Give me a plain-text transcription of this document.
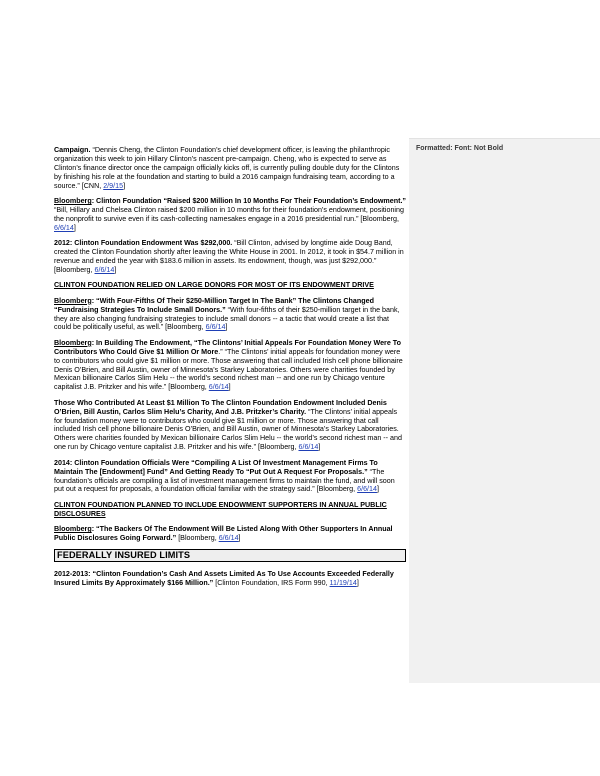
Formatted: Font: Not Bold

Campaign. “Dennis Cheng, the Clinton Foundation’s chief development officer, is leaving the philanthropic organization this week to join Hillary Clinton’s nascent pre-campaign. Cheng, who is expected to serve as Clinton’s finance director once the campaign officially kicks off, is currently pulling double duty for the Clintons by finishing his role at the foundation and starting to build a 2016 campaign fundraising team, according to a source.” [CNN, 2/9/15]

Bloomberg: Clinton Foundation “Raised $200 Million In 10 Months For Their Foundation’s Endowment.” “Bill, Hillary and Chelsea Clinton raised $200 million in 10 months for their foundation’s endowment, positioning the nonprofit to survive even if its cash-collecting namesakes engage in a 2016 presidential run.” [Bloomberg, 6/6/14]

2012: Clinton Foundation Endowment Was $292,000. “Bill Clinton, advised by longtime aide Doug Band, created the Clinton Foundation shortly after leaving the White House in 2001. In 2012, it took in $54.7 million in revenue and ended the year with $183.6 million in assets. Its endowment, though, was just $292,000.” [Bloomberg, 6/6/14]

CLINTON FOUNDATION RELIED ON LARGE DONORS FOR MOST OF ITS ENDOWMENT DRIVE

Bloomberg: “With Four-Fifths Of Their $250-Million Target In The Bank” The Clintons Changed “Fundraising Strategies To Include Small Donors.” “With four-fifths of their $250-million target in the bank, they are also changing fundraising strategies to include small donors -- a tactic that would create a list that could be politically useful, as well.” [Bloomberg, 6/6/14]

Bloomberg: In Building The Endowment, “The Clintons’ Initial Appeals For Foundation Money Were To Contributors Who Could Give $1 Million Or More.” “The Clintons’ initial appeals for foundation money were to contributors who could give $1 million or more. Those answering that call included Irish cell phone billionaire Denis O’Brien, and Bill Austin, owner of Minnesota’s Starkey Laboratories. Others were charities founded by Mexican billionaire Carlos Slim Helu -- the world’s second richest man -- and one run by Chicago venture capitalist J.B. Pritzker and his wife.” [Bloomberg, 6/6/14]

Those Who Contributed At Least $1 Million To The Clinton Foundation Endowment Included Denis O’Brien, Bill Austin, Carlos Slim Helu’s Charity, And J.B. Pritzker’s Charity. “The Clintons’ initial appeals for foundation money were to contributors who could give $1 million or more. Those answering that call included Irish cell phone billionaire Denis O’Brien, and Bill Austin, owner of Minnesota’s Starkey Laboratories. Others were charities founded by Mexican billionaire Carlos Slim Helu -- the world’s second richest man -- and one run by Chicago venture capitalist J.B. Pritzker and his wife.” [Bloomberg, 6/6/14]

2014: Clinton Foundation Officials Were “Compiling A List Of Investment Management Firms To Maintain The [Endowment] Fund” And Getting Ready To “Put Out A Request For Proposals.” “The foundation’s officials are compiling a list of investment management firms to maintain the fund, and will soon put out a request for proposals, a foundation official familiar with the strategy said.” [Bloomberg, 6/6/14]

CLINTON FOUNDATION PLANNED TO INCLUDE ENDOWMENT SUPPORTERS IN ANNUAL PUBLIC DISCLOSURES

Bloomberg: “The Backers Of The Endowment Will Be Listed Along With Other Supporters In Annual Public Disclosures Going Forward.” [Bloomberg, 6/6/14]

FEDERALLY INSURED LIMITS

2012-2013: “Clinton Foundation’s Cash And Assets Limited As To Use Accounts Exceeded Federally Insured Limits By Approximately $166 Million.” [Clinton Foundation, IRS Form 990, 11/19/14]
